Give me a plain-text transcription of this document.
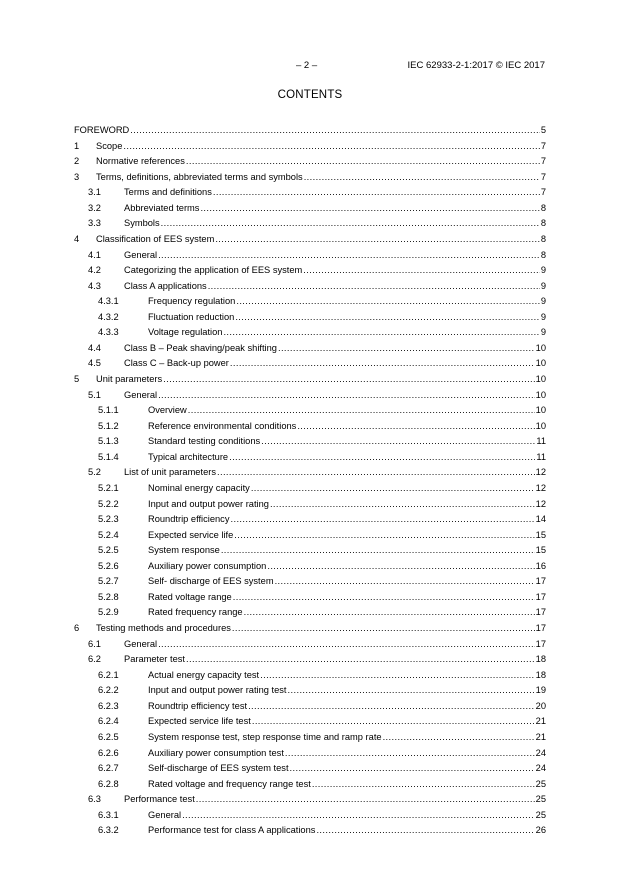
– 2 –	IEC 62933-2-1:2017 © IEC 2017
CONTENTS
FOREWORD .....	5
1 Scope .....	7
2 Normative references .....	7
3 Terms, definitions, abbreviated terms and symbols .....	7
3.1 Terms and definitions .....	7
3.2 Abbreviated terms .....	8
3.3 Symbols .....	8
4 Classification of EES system .....	8
4.1 General .....	8
4.2 Categorizing the application of EES system .....	9
4.3 Class A applications .....	9
4.3.1	Frequency regulation .....	9
4.3.2	Fluctuation reduction .....	9
4.3.3	Voltage regulation .....	9
4.4 Class B – Peak shaving/peak shifting .....	10
4.5 Class C – Back-up power .....	10
5 Unit parameters .....	10
5.1 General .....	10
5.1.1	Overview .....	10
5.1.2	Reference environmental conditions .....	10
5.1.3	Standard testing conditions .....	11
5.1.4	Typical architecture .....	11
5.2 List of unit parameters .....	12
5.2.1	Nominal energy capacity .....	12
5.2.2	Input and output power rating .....	12
5.2.3	Roundtrip efficiency .....	14
5.2.4	Expected service life .....	15
5.2.5	System response .....	15
5.2.6	Auxiliary power consumption .....	16
5.2.7	Self- discharge of EES system .....	17
5.2.8	Rated voltage range .....	17
5.2.9	Rated frequency range .....	17
6 Testing methods and procedures .....	17
6.1 General .....	17
6.2 Parameter test .....	18
6.2.1	Actual energy capacity test .....	18
6.2.2	Input and output power rating test .....	19
6.2.3	Roundtrip efficiency test .....	20
6.2.4	Expected service life test .....	21
6.2.5	System response test, step response time and ramp rate .....	21
6.2.6	Auxiliary power consumption test .....	24
6.2.7	Self-discharge of EES system test .....	24
6.2.8	Rated voltage and frequency range test .....	25
6.3 Performance test .....	25
6.3.1	General .....	25
6.3.2	Performance test for class A applications .....	26
